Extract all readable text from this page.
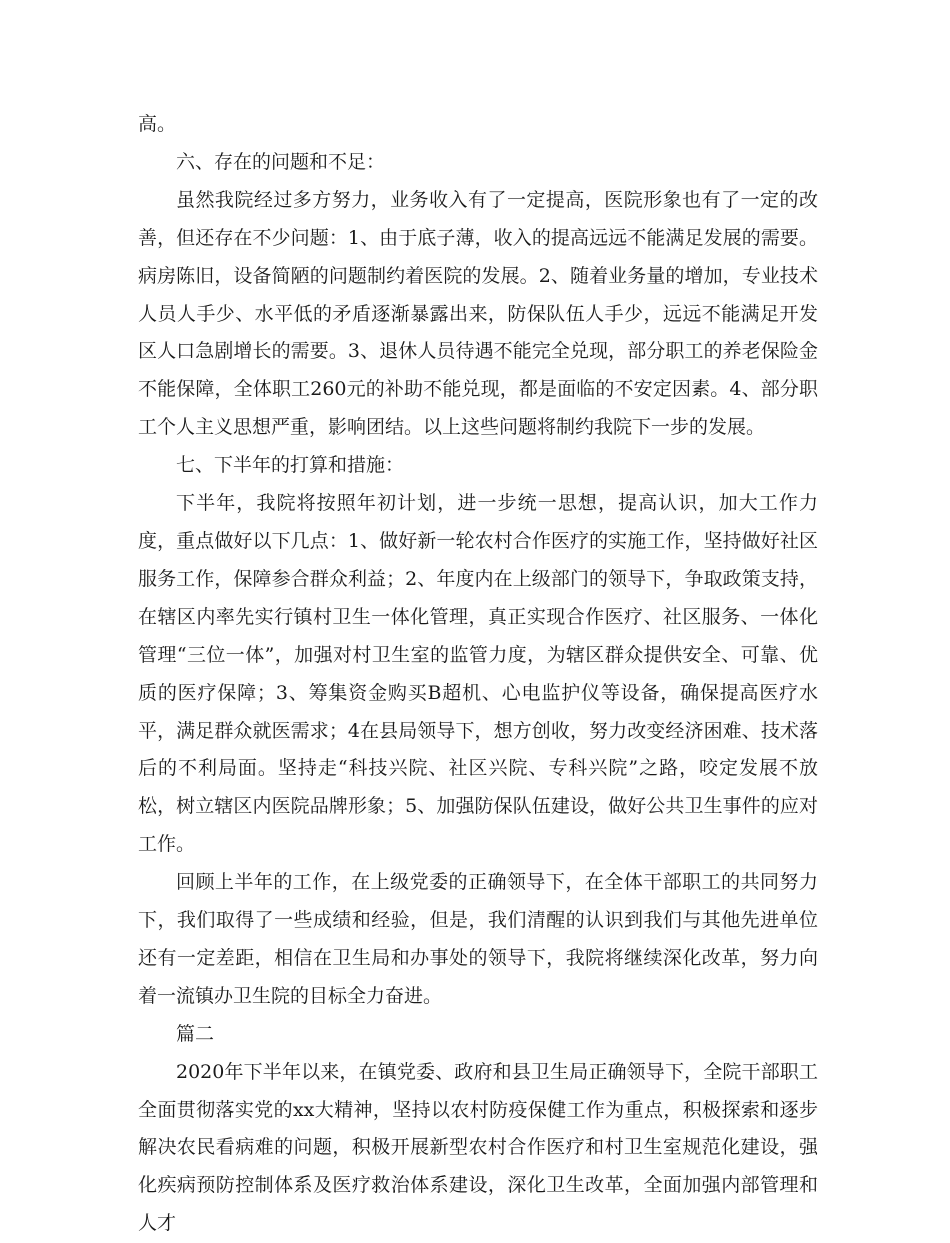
高。

六、存在的问题和不足：

虽然我院经过多方努力，业务收入有了一定提高，医院形象也有了一定的改善，但还存在不少问题：1、由于底子薄，收入的提高远远不能满足发展的需要。病房陈旧，设备简陋的问题制约着医院的发展。2、随着业务量的增加，专业技术人员人手少、水平低的矛盾逐渐暴露出来，防保队伍人手少，远远不能满足开发区人口急剧增长的需要。3、退休人员待遇不能完全兑现，部分职工的养老保险金不能保障，全体职工260元的补助不能兑现，都是面临的不安定因素。4、部分职工个人主义思想严重，影响团结。以上这些问题将制约我院下一步的发展。

七、下半年的打算和措施：

下半年，我院将按照年初计划，进一步统一思想，提高认识，加大工作力度，重点做好以下几点：1、做好新一轮农村合作医疗的实施工作，坚持做好社区服务工作，保障参合群众利益；2、年度内在上级部门的领导下，争取政策支持，在辖区内率先实行镇村卫生一体化管理，真正实现合作医疗、社区服务、一体化管理“三位一体”，加强对村卫生室的监管力度，为辖区群众提供安全、可靠、优质的医疗保障；3、筹集资金购买B超机、心电监护仪等设备，确保提高医疗水平，满足群众就医需求；4在县局领导下，想方创收，努力改变经济困难、技术落后的不利局面。坚持走“科技兴院、社区兴院、专科兴院”之路，咬定发展不放松，树立辖区内医院品牌形象；5、加强防保队伍建设，做好公共卫生事件的应对工作。

回顾上半年的工作，在上级党委的正确领导下，在全体干部职工的共同努力下，我们取得了一些成绩和经验，但是，我们清醒的认识到我们与其他先进单位还有一定差距，相信在卫生局和办事处的领导下，我院将继续深化改革，努力向着一流镇办卫生院的目标全力奋进。

篇二

2020年下半年以来，在镇党委、政府和县卫生局正确领导下，全院干部职工全面贯彻落实党的xx大精神，坚持以农村防疫保健工作为重点，积极探索和逐步解决农民看病难的问题，积极开展新型农村合作医疗和村卫生室规范化建设，强化疾病预防控制体系及医疗救治体系建设，深化卫生改革，全面加强内部管理和人才
